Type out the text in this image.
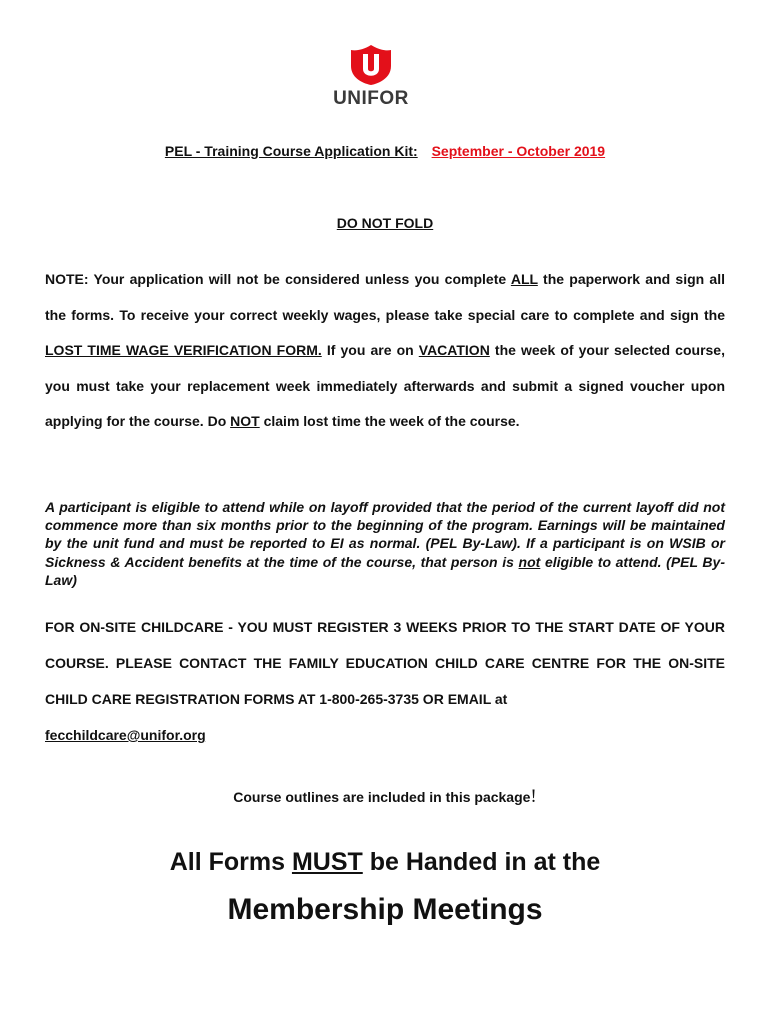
UNIFOR
PEL - Training Course Application Kit: September - October 2019
DO NOT FOLD

NOTE: Your application will not be considered unless you complete ALL the paperwork and sign all the forms. To receive your correct weekly wages, please take special care to complete and sign the LOST TIME WAGE VERIFICATION FORM. If you are on VACATION the week of your selected course, you must take your replacement week immediately afterwards and submit a signed voucher upon applying for the course. Do NOT claim lost time the week of the course.

A participant is eligible to attend while on layoff provided that the period of the current layoff did not commence more than six months prior to the beginning of the program. Earnings will be maintained by the unit fund and must be reported to EI as normal. (PEL By-Law). If a participant is on WSIB or Sickness & Accident benefits at the time of the course, that person is not eligible to attend. (PEL By-Law)

FOR ON-SITE CHILDCARE - YOU MUST REGISTER 3 WEEKS PRIOR TO THE START DATE OF YOUR COURSE. PLEASE CONTACT THE FAMILY EDUCATION CHILD CARE CENTRE FOR THE ON-SITE CHILD CARE REGISTRATION FORMS AT 1-800-265-3735 OR EMAIL at
fecchildcare@unifor.org

Course outlines are included in this package!
All Forms MUST be Handed in at the
Membership Meetings
